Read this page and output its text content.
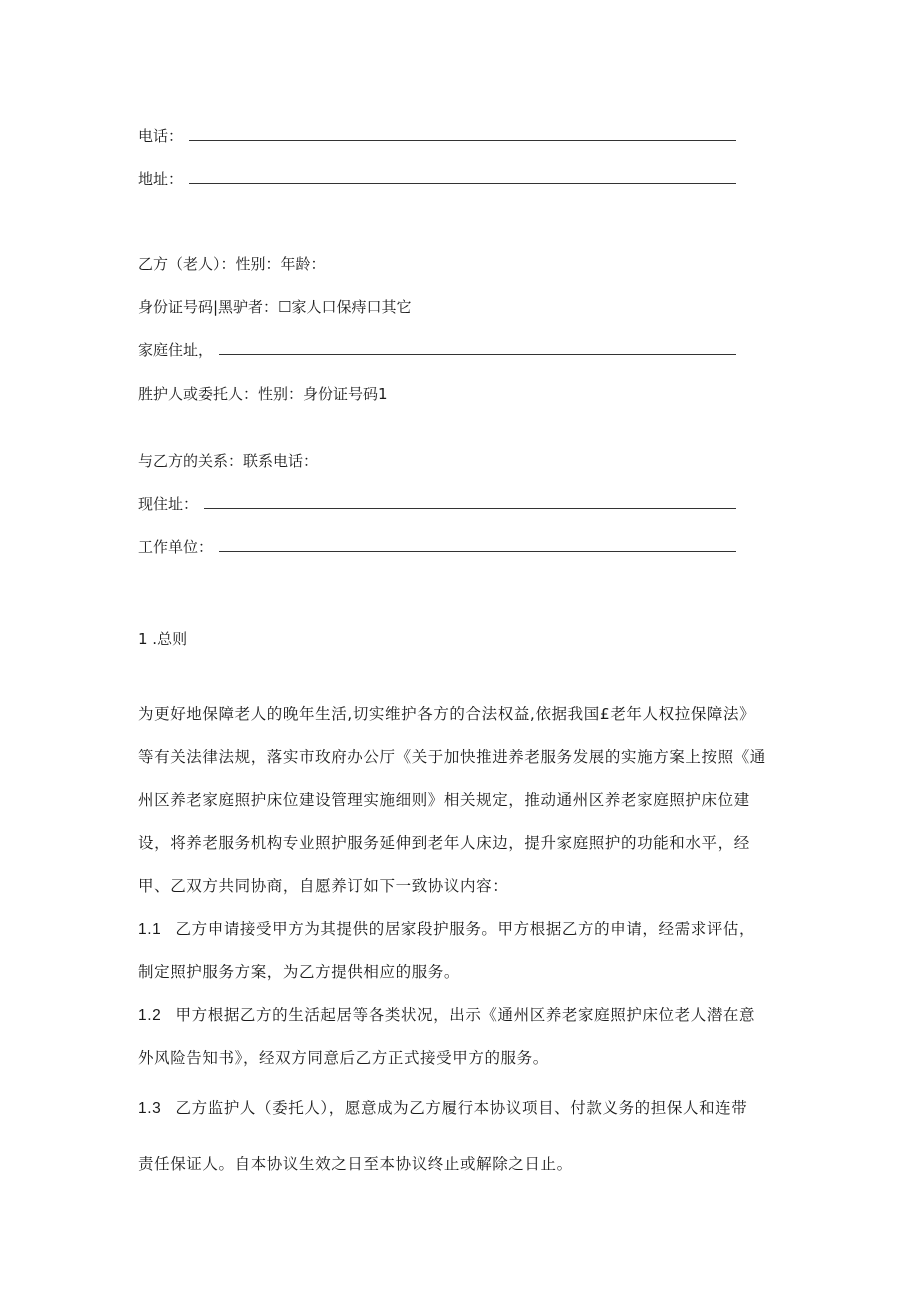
电话：
地址：
乙方（老人）：性别：年龄：
身份证号码|黑驴者：☐家人口保痔口其它
家庭住址，
胜护人或委托人：性别：身份证号码1
与乙方的关系：联系电话：
现住址：
工作单位：
1 .总则
为更好地保障老人的晚年生活,切实维护各方的合法权益,依据我国£老年人权拉保障法》
等有关法律法规，落实市玫府办公厅《关于加快推进养老服务发展的实施方案上按照《通
州区养老家庭照护床位建设管理实施细则》相关规定，推动通州区养老家庭照护床位建
设，将养老服务机构专业照护服务延伸到老年人床边，提升家庭照护的功能和水平，经
甲、乙双方共同协商，自愿养订如下一致协议内容：
1.1 乙方申请接受甲方为其提供的居家段护服务。甲方根据乙方的申请，经需求评估，
制定照护服务方案，为乙方提供相应的服务。
1.2 甲方根据乙方的生活起居等各类状况，出示《通州区养老家庭照护床位老人潜在意
外风险告知书》，经双方同意后乙方正式接受甲方的服务。
1.3 乙方监护人（委托人），愿意成为乙方履行本协议项目、付款义务的担保人和连带
责任保证人。自本协议生效之日至本协议终止或解除之日止。
